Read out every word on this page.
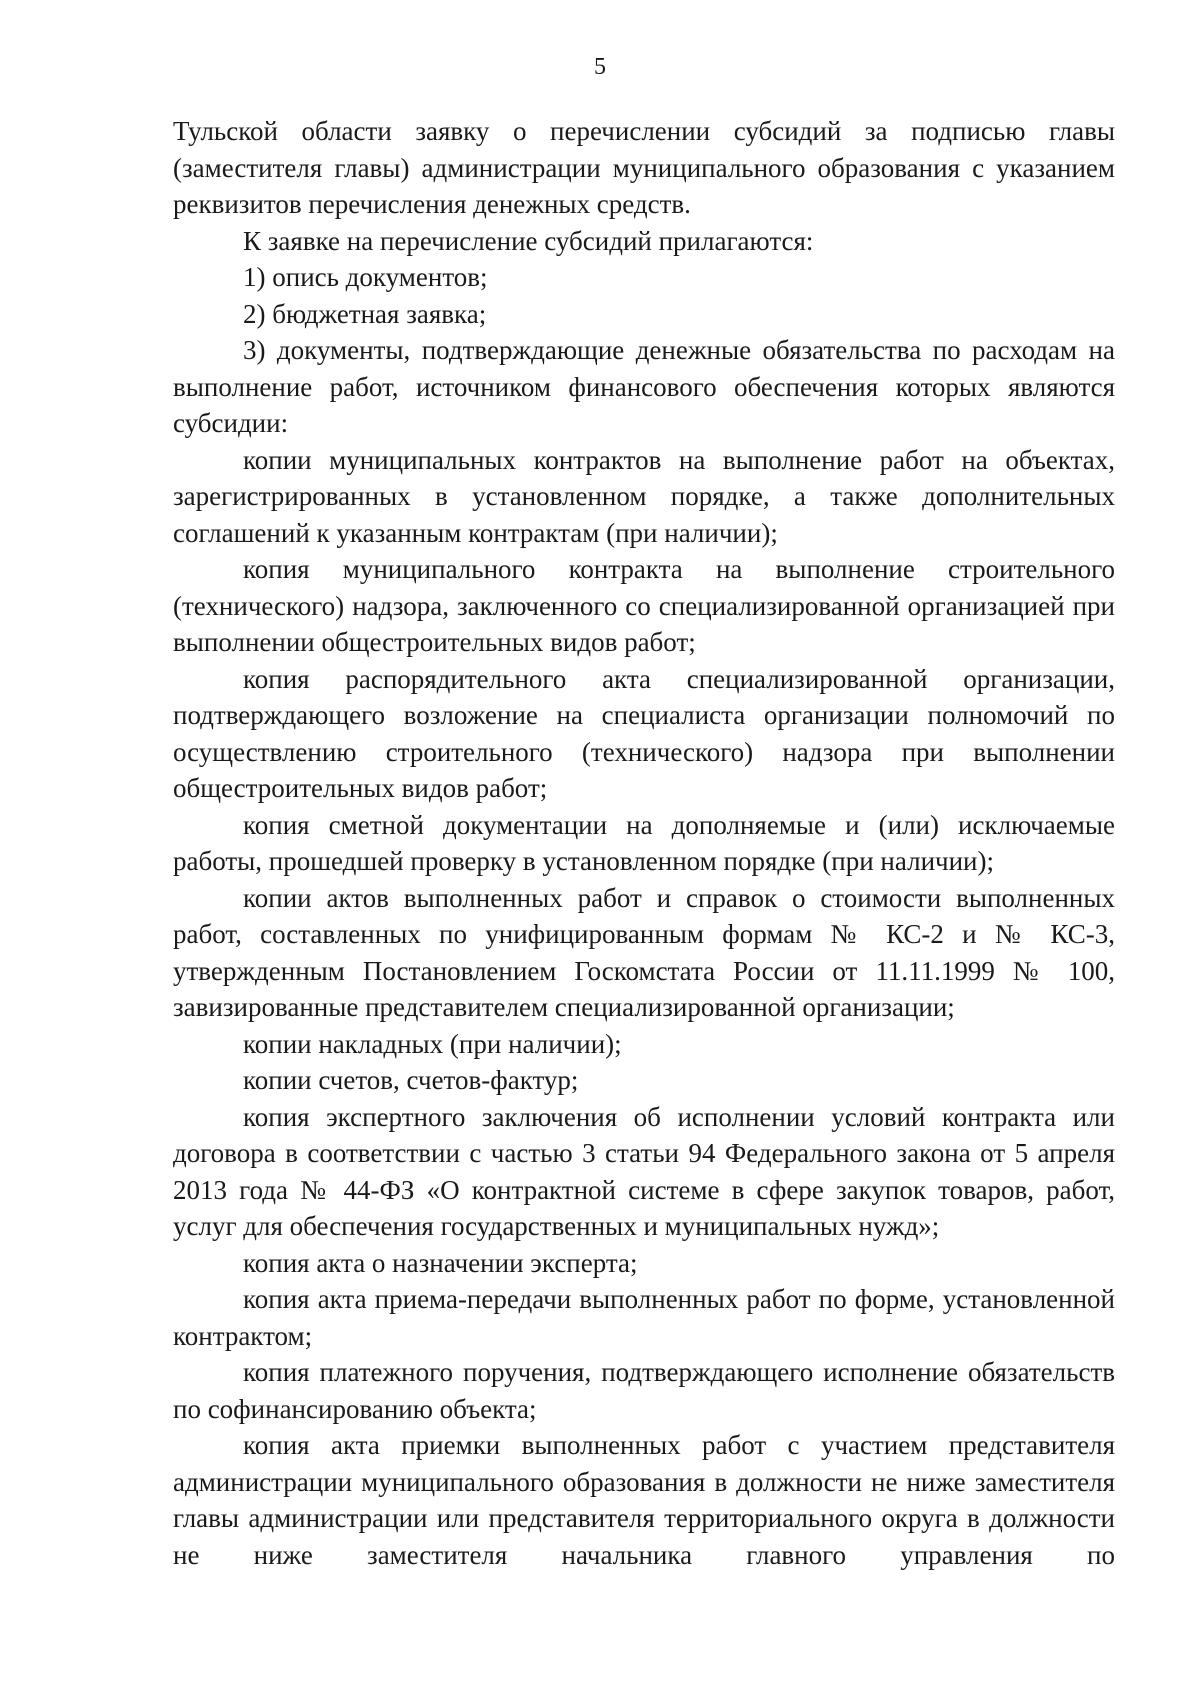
5

Тульской области заявку о перечислении субсидий за подписью главы (заместителя главы) администрации муниципального образования с указанием реквизитов перечисления денежных средств.

К заявке на перечисление субсидий прилагаются:

1) опись документов;

2) бюджетная заявка;

3) документы, подтверждающие денежные обязательства по расходам на выполнение работ, источником финансового обеспечения которых являются субсидии:

копии муниципальных контрактов на выполнение работ на объектах, зарегистрированных в установленном порядке, а также дополнительных соглашений к указанным контрактам (при наличии);

копия муниципального контракта на выполнение строительного (технического) надзора, заключенного со специализированной организацией при выполнении общестроительных видов работ;

копия распорядительного акта специализированной организации, подтверждающего возложение на специалиста организации полномочий по осуществлению строительного (технического) надзора при выполнении общестроительных видов работ;

копия сметной документации на дополняемые и (или) исключаемые работы, прошедшей проверку в установленном порядке (при наличии);

копии актов выполненных работ и справок о стоимости выполненных работ, составленных по унифицированным формам № КС-2 и № КС-3, утвержденным Постановлением Госкомстата России от 11.11.1999 № 100, завизированные представителем специализированной организации;

копии накладных (при наличии);

копии счетов, счетов-фактур;

копия экспертного заключения об исполнении условий контракта или договора в соответствии с частью 3 статьи 94 Федерального закона от 5 апреля 2013 года № 44-ФЗ «О контрактной системе в сфере закупок товаров, работ, услуг для обеспечения государственных и муниципальных нужд»;

копия акта о назначении эксперта;

копия акта приема-передачи выполненных работ по форме, установленной контрактом;

копия платежного поручения, подтверждающего исполнение обязательств по софинансированию объекта;

копия акта приемки выполненных работ с участием представителя администрации муниципального образования в должности не ниже заместителя главы администрации или представителя территориального округа в должности не ниже заместителя начальника главного управления по
